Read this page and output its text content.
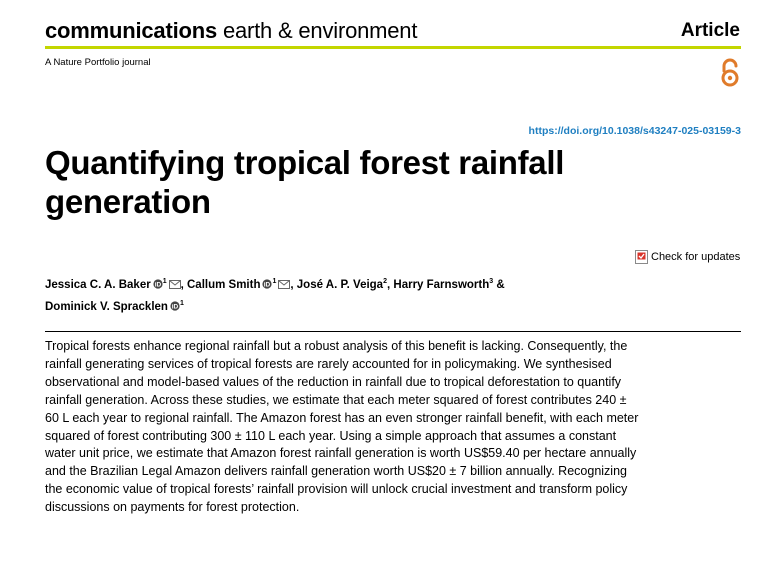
communications earth & environment	Article
A Nature Portfolio journal
https://doi.org/10.1038/s43247-025-03159-3
Quantifying tropical forest rainfall generation
Check for updates
Jessica C. A. Baker iD $^1$ , Callum Smith iD $^1$ , José A. P. Veiga$^2$, Harry Farnsworth$^3$ &
Dominick V. Spracklen iD $^1$

Tropical forests enhance regional rainfall but a robust analysis of this benefit is lacking. Consequently, the rainfall generating services of tropical forests are rarely accounted for in policymaking. We synthesised observational and model-based values of the reduction in rainfall due to tropical deforestation to quantify rainfall generation. Across these studies, we estimate that each meter squared of forest contributes 240 ± 60 L each year to regional rainfall. The Amazon forest has an even stronger rainfall benefit, with each meter squared of forest contributing 300 ± 110 L each year. Using a simple approach that assumes a constant water unit price, we estimate that Amazon forest rainfall generation is worth US$59.40 per hectare annually and the Brazilian Legal Amazon delivers rainfall generation worth US$20 ± 7 billion annually. Recognizing the economic value of tropical forests’ rainfall provision will unlock crucial investment and transform policy discussions on payments for forest protection.
